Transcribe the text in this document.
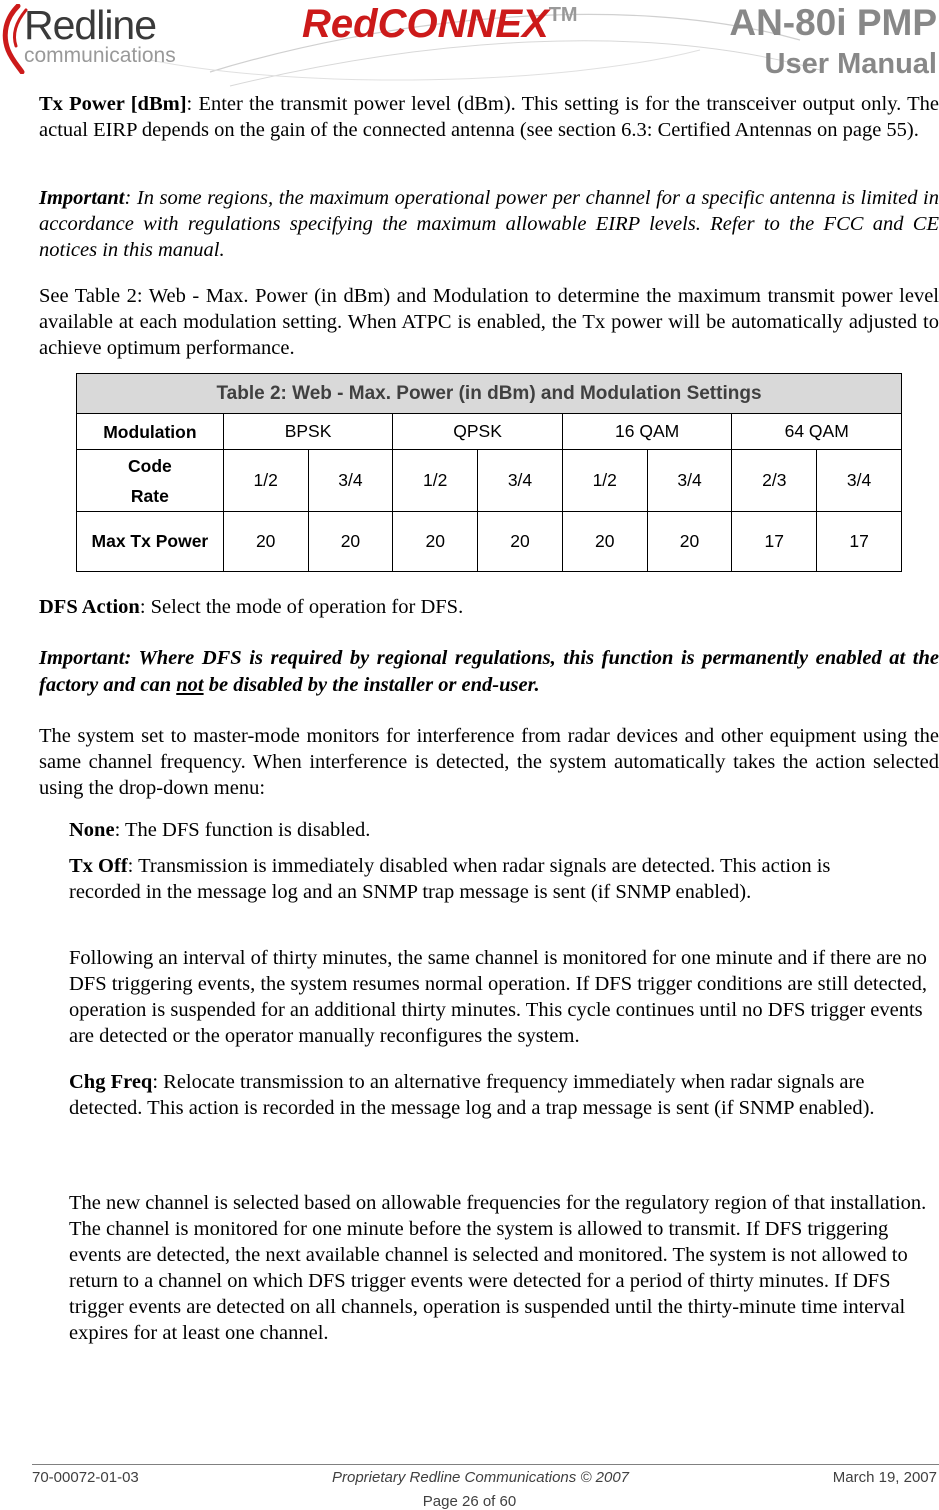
Redline
communications
RedCONNEX™	AN-80i PMP
User Manual
Tx Power [dBm]: Enter the transmit power level (dBm). This setting is for the transceiver output only. The actual EIRP depends on the gain of the connected antenna (see section 6.3: Certified Antennas on page 55).
Important: In some regions, the maximum operational power per channel for a specific antenna is limited in accordance with regulations specifying the maximum allowable EIRP levels. Refer to the FCC and CE notices in this manual.
See Table 2: Web - Max. Power (in dBm) and Modulation to determine the maximum transmit power level available at each modulation setting. When ATPC is enabled, the Tx power will be automatically adjusted to achieve optimum performance.
Table 2: Web - Max. Power (in dBm) and Modulation Settings								
Modulation	BPSK		QPSK		16 QAM		64 QAM	

Code
Rate	1/2	3/4	1/2	3/4	1/2	3/4	2/3	3/4
Max Tx Power	20	20	20	20	20	20	17	17
DFS Action: Select the mode of operation for DFS.
Important: Where DFS is required by regional regulations, this function is permanently enabled at the factory and can not be disabled by the installer or end-user.
The system set to master-mode monitors for interference from radar devices and other equipment using the same channel frequency. When interference is detected, the system automatically takes the action selected using the drop-down menu:
None: The DFS function is disabled.
Tx Off: Transmission is immediately disabled when radar signals are detected. This action is recorded in the message log and an SNMP trap message is sent (if SNMP enabled).
Following an interval of thirty minutes, the same channel is monitored for one minute and if there are no DFS triggering events, the system resumes normal operation. If DFS trigger conditions are still detected, operation is suspended for an additional thirty minutes. This cycle continues until no DFS trigger events are detected or the operator manually reconfigures the system.
Chg Freq: Relocate transmission to an alternative frequency immediately when radar signals are detected. This action is recorded in the message log and a trap message is sent (if SNMP enabled).
The new channel is selected based on allowable frequencies for the regulatory region of that installation. The channel is monitored for one minute before the system is allowed to transmit. If DFS triggering events are detected, the next available channel is selected and monitored. The system is not allowed to return to a channel on which DFS trigger events were detected for a period of thirty minutes. If DFS trigger events are detected on all channels, operation is suspended until the thirty-minute time interval expires for at least one channel.
70-00072-01-03	Proprietary Redline Communications © 2007	March 19, 2007
Page 26 of 60
